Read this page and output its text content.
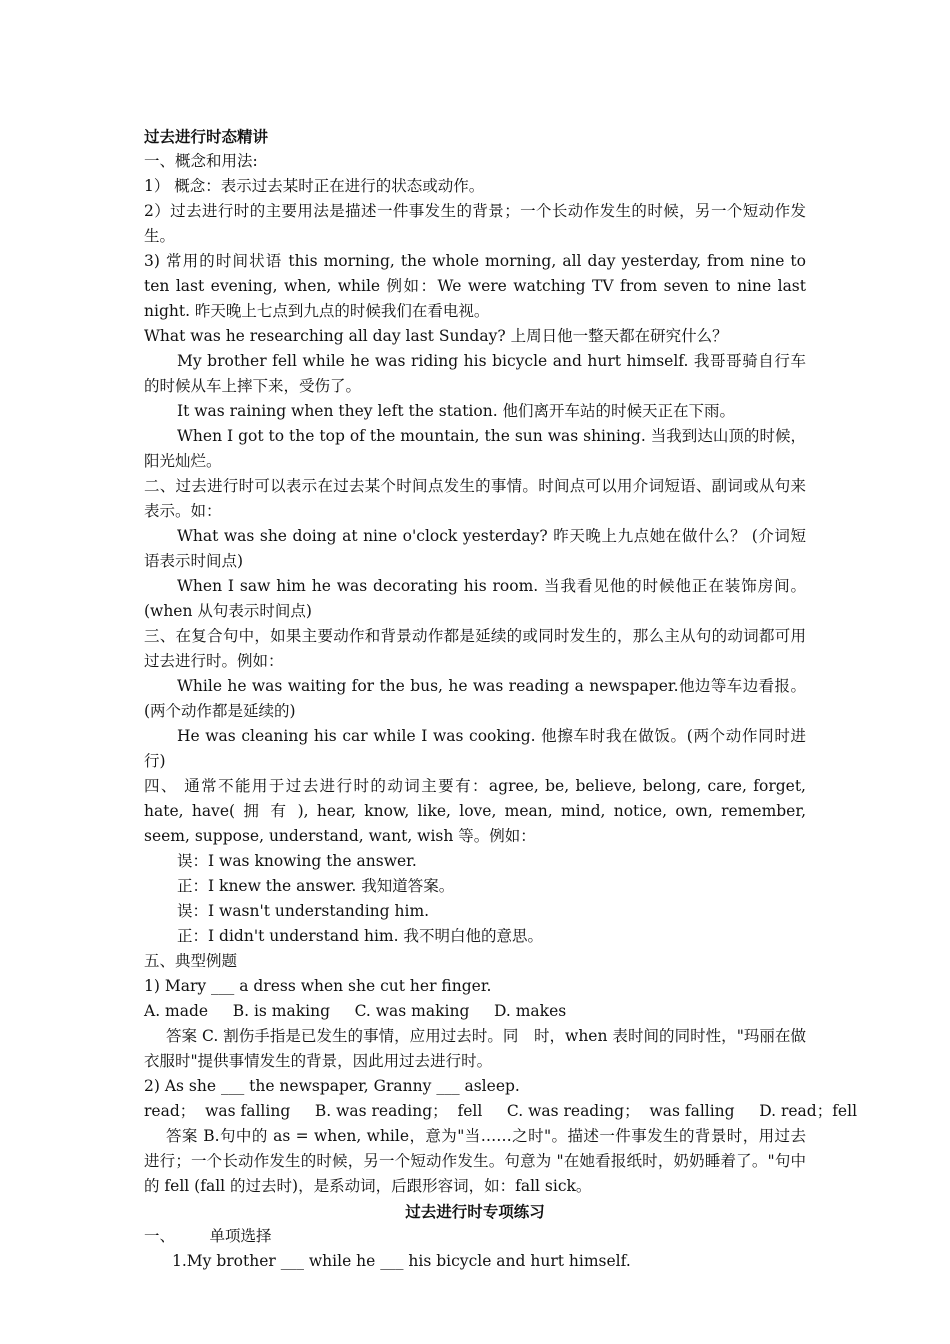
过去进行时态精讲

一、概念和用法:

1） 概念：表示过去某时正在进行的状态或动作。

2）过去进行时的主要用法是描述一件事发生的背景；一个长动作发生的时候，另一个短动作发生。

3) 常用的时间状语 this morning, the whole morning, all day yesterday, from nine to ten last evening, when, while 例如：We were watching TV from seven to nine last night. 昨天晚上七点到九点的时候我们在看电视。

What was he researching all day last Sunday? 上周日他一整天都在研究什么？

My brother fell while he was riding his bicycle and hurt himself. 我哥哥骑自行车的时候从车上摔下来，受伤了。

It was raining when they left the station. 他们离开车站的时候天正在下雨。

When I got to the top of the mountain, the sun was shining. 当我到达山顶的时候，阳光灿烂。

二、过去进行时可以表示在过去某个时间点发生的事情。时间点可以用介词短语、副词或从句来表示。如：

What was she doing at nine o'clock yesterday? 昨天晚上九点她在做什么？ (介词短语表示时间点)

When I saw him he was decorating his room. 当我看见他的时候他正在装饰房间。 (when 从句表示时间点)

三、在复合句中，如果主要动作和背景动作都是延续的或同时发生的，那么主从句的动词都可用过去进行时。例如：

While he was waiting for the bus, he was reading a newspaper.他边等车边看报。(两个动作都是延续的)

He was cleaning his car while I was cooking. 他擦车时我在做饭。(两个动作同时进行)

四、 通常不能用于过去进行时的动词主要有：agree, be, believe, belong, care, forget, hate, have( 拥 有 ), hear, know, like, love, mean, mind, notice, own, remember, seem, suppose, understand, want, wish 等。例如：

误：I was knowing the answer.

正：I knew the answer. 我知道答案。

误：I wasn't understanding him.

正：I didn't understand him. 我不明白他的意思。

五、典型例题

1) Mary ___ a dress when she cut her finger.

A. made     B. is making     C. was making     D. makes

答案 C. 割伤手指是已发生的事情，应用过去时。同　时，when 表时间的同时性，"玛丽在做衣服时"提供事情发生的背景，因此用过去进行时。

2) As she ___ the newspaper, Granny ___ asleep.

read；  was falling     B. was reading；  fell     C. was reading；  was falling     D. read；fell

答案 B.句中的 as = when, while，意为"当……之时"。描述一件事发生的背景时，用过去进行；一个长动作发生的时候，另一个短动作发生。句意为 "在她看报纸时，奶奶睡着了。"句中的 fell (fall 的过去时)，是系动词，后跟形容词，如：fall sick。

过去进行时专项练习

一、       单项选择

1.My brother ___ while he ___ his bicycle and hurt himself.
